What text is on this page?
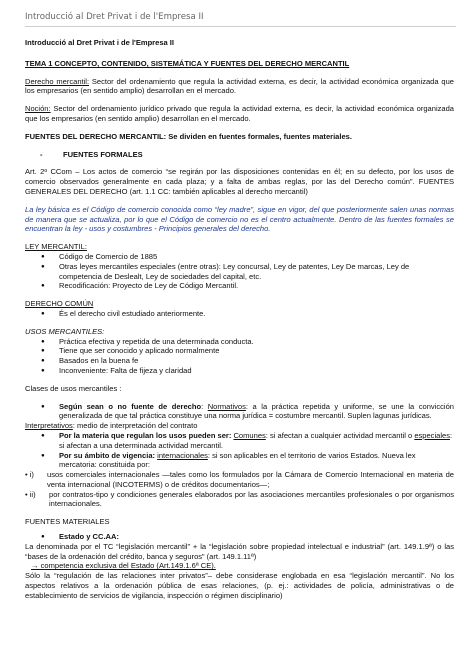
Introducció al Dret Privat i de l'Empresa II

Introducció al Dret Privat i de l'Empresa II

TEMA 1 CONCEPTO, CONTENIDO, SISTEMÁTICA Y FUENTES DEL DERECHO MERCANTIL

Derecho mercantil: Sector del ordenamiento que regula la actividad externa, es decir, la actividad económica organizada que los empresarios (en sentido amplio) desarrollan en el mercado.

Noción: Sector del ordenamiento jurídico privado que regula la actividad externa, es decir, la actividad económica organizada que los empresarios (en sentido amplio) desarrollan en el mercado.

FUENTES DEL DERECHO MERCANTIL: Se dividen en fuentes formales, fuentes materiales.

- FUENTES FORMALES

Art. 2º CCom – Los actos de comercio “se regirán por las disposiciones contenidas en él; en su defecto, por los usos de comercio observados generalmente en cada plaza; y a falta de ambas reglas, por las del Derecho común”. FUENTES GENERALES DEL DERECHO (art. 1.1 CC: también aplicables al derecho mercantil)

La ley básica es el Código de comercio conocida como “ley madre”, sigue en vigor, del que posteriormente salen unas normas de manera que se actualiza, por lo que el Código de comercio no es el centro actualmente. Dentro de las fuentes formales se encuentran la ley - usos y costumbres - Principios generales del derecho.

LEY MERCANTIL:

● Código de Comercio de 1885
● Otras leyes mercantiles especiales (entre otras): Ley concursal, Ley de patentes, Ley De marcas, Ley de competencia de Deslealt, Ley de sociedades del capital, etc.
● Recodificación: Proyecto de Ley de Código Mercantil.

DERECHO COMÚN

● És el derecho civil estudiado anteriormente.

USOS MERCANTILES:

● Práctica efectiva y repetida de una determinada conducta.
● Tiene que ser conocido y aplicado normalmente
● Basados en la buena fe
● Inconveniente: Falta de fijeza y claridad

Clases de usos mercantiles :

● Según sean o no fuente de derecho: Normativos: a la práctica repetida y uniforme, se une la convicción generalizada de que tal práctica constituye una norma jurídica = costumbre mercantil. Suplen lagunas jurídicas.

Interpretativos: medio de interpretación del contrato

● Por la materia que regulan los usos pueden ser: Comunes: si afectan a cualquier actividad mercantil o especiales: si afectan a una determinada actividad mercantil.
● Por su ámbito de vigencia: internacionales: si son aplicables en el territorio de varios Estados. Nueva lex mercatoria: constituida por:

• i)	usos comerciales internacionales —tales como los formulados por la Cámara de Comercio Internacional en materia de venta internacional (INCOTERMS) o de créditos documentarios—;

• ii)	por contratos-tipo y condiciones generales elaborados por las asociaciones mercantiles profesionales o por organismos internacionales.

FUENTES MATERIALES

● Estado y CC.AA:

La denominada por el TC “legislación mercantil” + la “legislación sobre propiedad intelectual e industrial” (art. 149.1.9ª) o las “bases de la ordenación del crédito, banca y seguros” (art. 149.1.11ª)

→ competencia exclusiva del Estado (Art.149.1.6ª CE).

Sólo la “regulación de las relaciones inter privatos”– debe considerase englobada en esa “legislación mercantil”. No los aspectos relativos a la ordenación pública de esas relaciones, (p. ej.: actividades de policía, administrativas o de establecimiento de servicios de vigilancia, inspección o régimen disciplinario)
